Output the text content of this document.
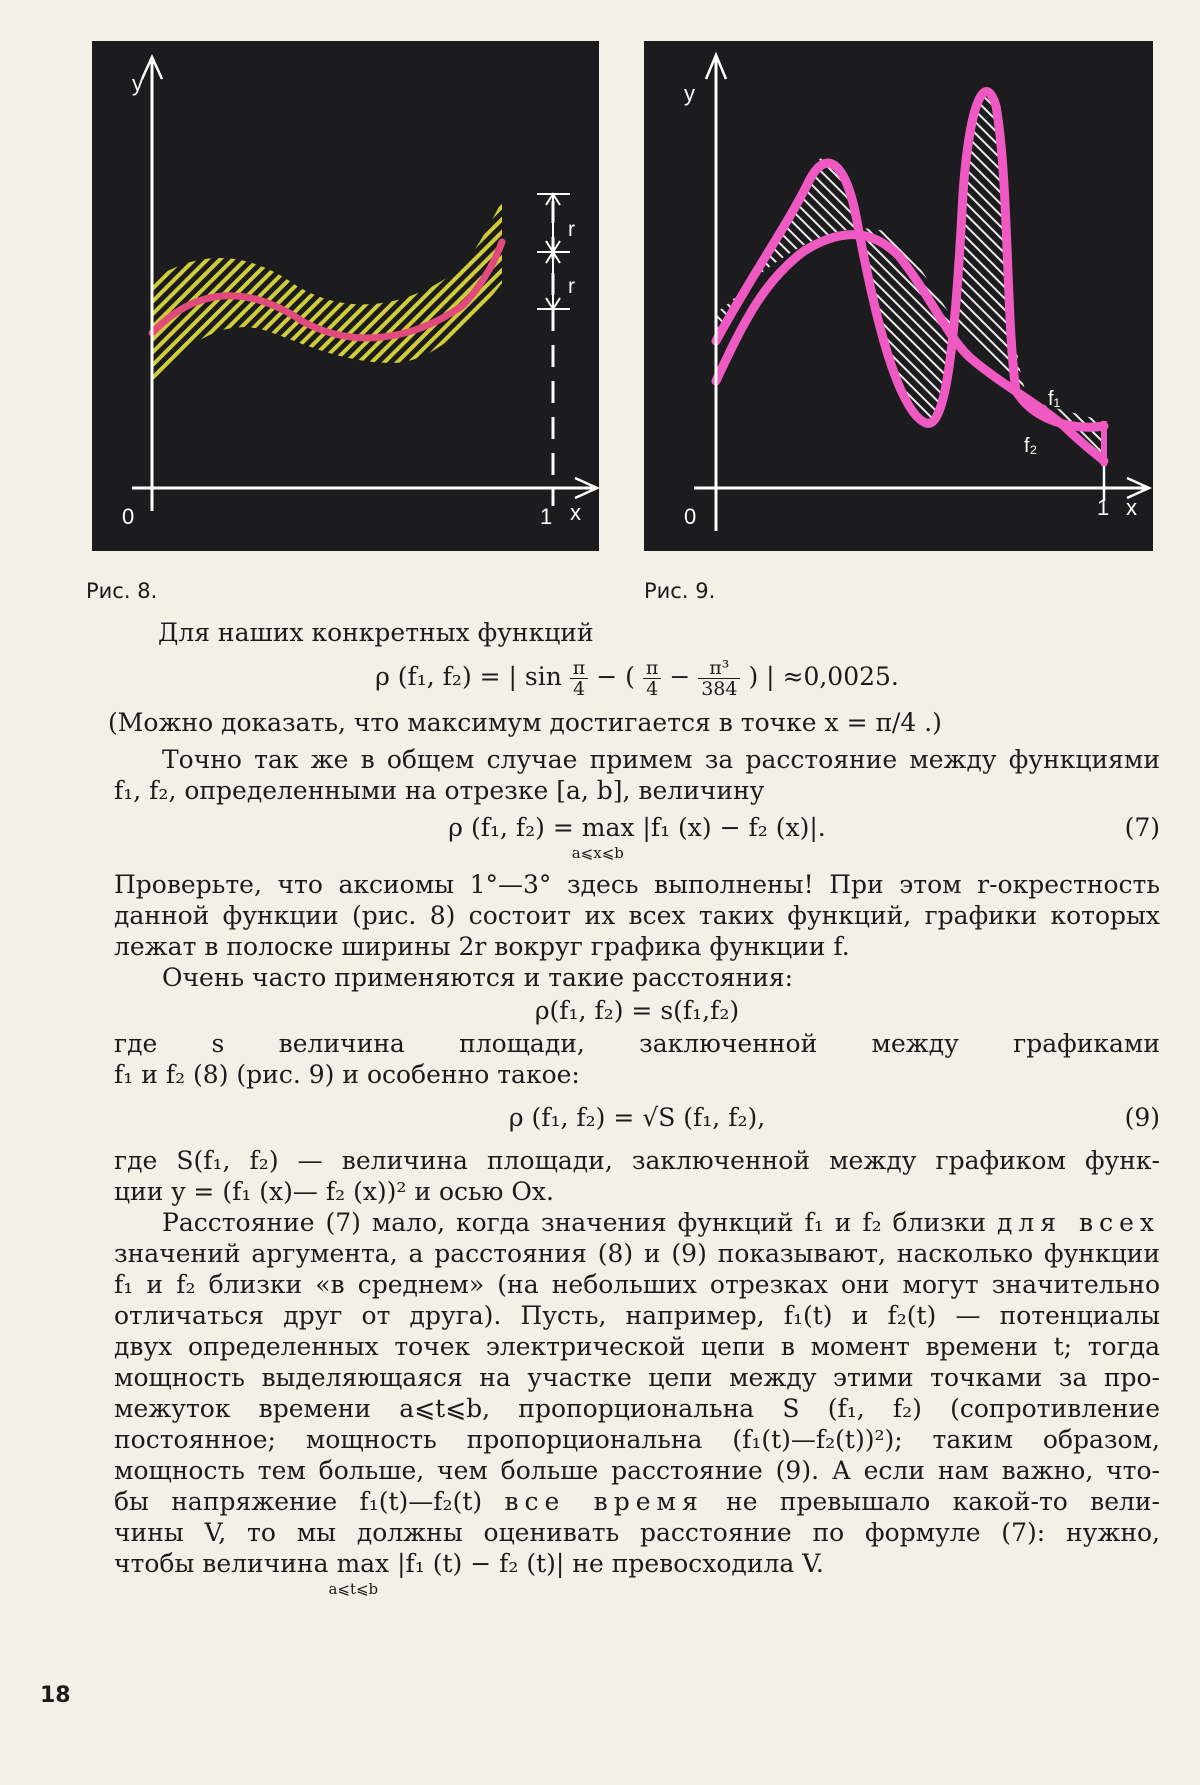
y
x
0	1
r
r
Рис. 8.
y
x
0	1
f₁
f₂
Рис. 9.

Для наших конкретных функций

ρ (f₁, f₂) = | $\sin \frac{\pi}{4}$ − ( $\frac{\pi}{4} - \frac{\text{π³}}{384}$ ) | ≈0,0025.

(Можно доказать, что максимум достигается в точке x = π/4 .)

Точно так же в общем случае примем за расстояние между функциями

f₁, f₂, определенными на отрезке [a, b], величину

ρ (f₁, f₂) = max
a⩽x⩽b
|f₁ (x) − f₂ (x)|.	(7)

Проверьте, что аксиомы 1°—3° здесь выполнены! При этом r-окрестность

данной функции (рис. 8) состоит их всех таких функций, графики которых

лежат в полоске ширины 2r вокруг графика функции f.

Очень часто применяются и такие расстояния:

ρ(f₁, f₂) = s(f₁,f₂)

где   s   величина   площади,   заключенной   между   графиками

f₁ и f₂ (8) (рис. 9) и особенно такое:

ρ (f₁, f₂) = √S (f₁, f₂),	(9)

где S(f₁, f₂) — величина площади, заключенной между графиком функ-

ции y = (f₁ (x)— f₂ (x))² и осью Ox.

Расстояние (7) мало, когда значения функций f₁ и f₂ близки для всех

значений аргумента, а расстояния (8) и (9) показывают, насколько функции

f₁ и f₂ близки «в среднем» (на небольших отрезках они могут значительно

отличаться друг от друга). Пусть, например, f₁(t) и f₂(t) — потенциалы

двух определенных точек электрической цепи в момент времени t; тогда

мощность выделяющаяся на участке цепи между этими точками за про-

межуток времени a⩽t⩽b, пропорциональна S (f₁, f₂) (сопротивление

постоянное; мощность пропорциональна (f₁(t)—f₂(t))²); таким образом,

мощность тем больше, чем больше расстояние (9). А если нам важно, что-

бы напряжение f₁(t)—f₂(t) все время не превышало какой-то вели-

чины V, то мы должны оценивать расстояние по формуле (7): нужно,

чтобы величина max
a⩽t⩽b
|f₁ (t) − f₂ (t)| не превосходила V.

18
